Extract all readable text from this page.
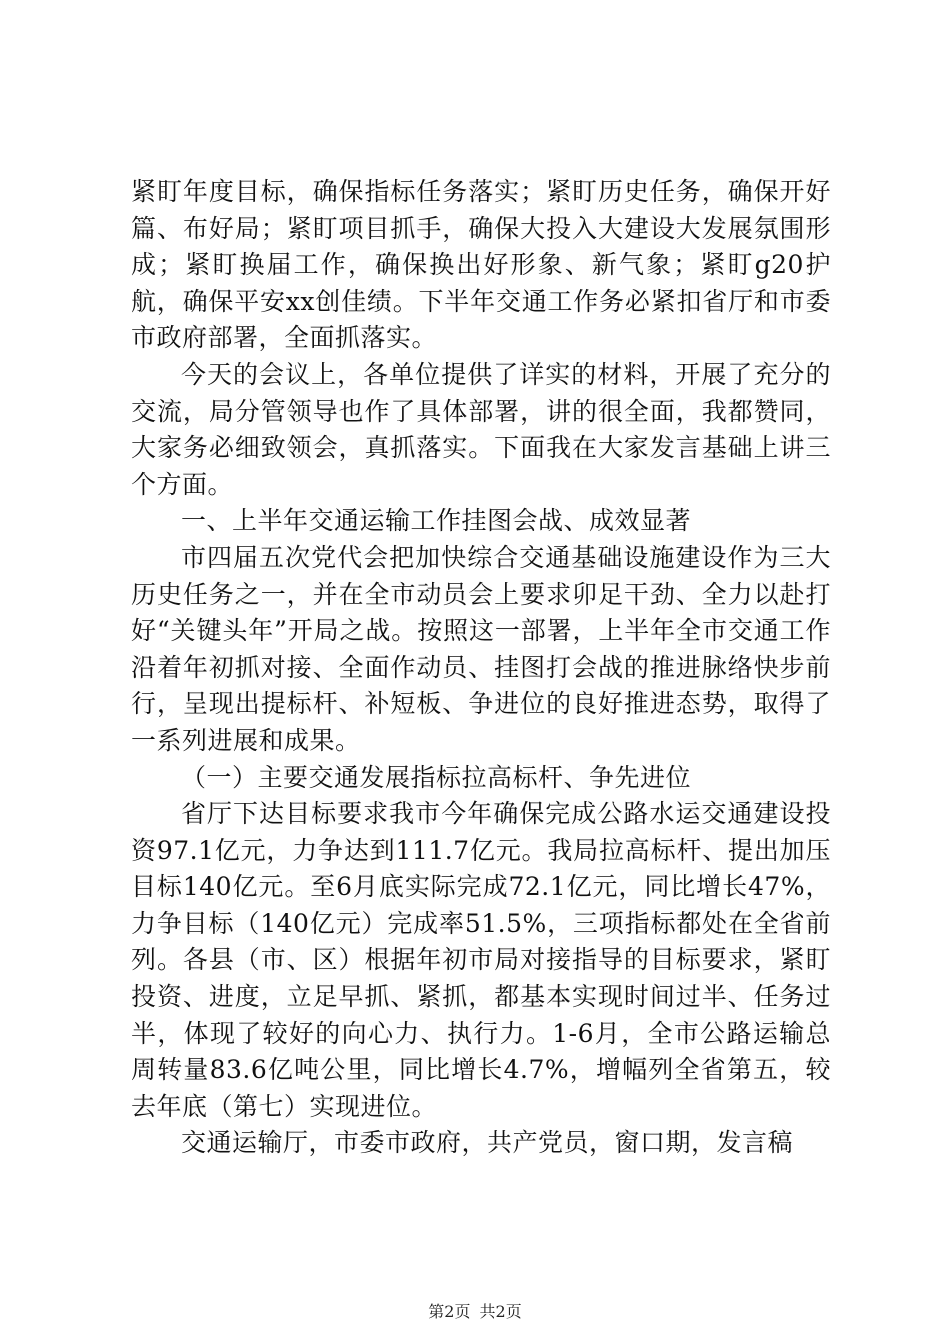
紧盯年度目标，确保指标任务落实；紧盯历史任务，确保开好篇、布好局；紧盯项目抓手，确保大投入大建设大发展氛围形成；紧盯换届工作，确保换出好形象、新气象；紧盯g20护航，确保平安xx创佳绩。下半年交通工作务必紧扣省厅和市委市政府部署，全面抓落实。

今天的会议上，各单位提供了详实的材料，开展了充分的交流，局分管领导也作了具体部署，讲的很全面，我都赞同，大家务必细致领会，真抓落实。下面我在大家发言基础上讲三个方面。

一、上半年交通运输工作挂图会战、成效显著

市四届五次党代会把加快综合交通基础设施建设作为三大历史任务之一，并在全市动员会上要求卯足干劲、全力以赴打好“关键头年”开局之战。按照这一部署，上半年全市交通工作沿着年初抓对接、全面作动员、挂图打会战的推进脉络快步前行，呈现出提标杆、补短板、争进位的良好推进态势，取得了一系列进展和成果。

（一）主要交通发展指标拉高标杆、争先进位

省厅下达目标要求我市今年确保完成公路水运交通建设投资97.1亿元，力争达到111.7亿元。我局拉高标杆、提出加压目标140亿元。至6月底实际完成72.1亿元，同比增长47%，力争目标（140亿元）完成率51.5%，三项指标都处在全省前列。各县（市、区）根据年初市局对接指导的目标要求，紧盯投资、进度，立足早抓、紧抓，都基本实现时间过半、任务过半，体现了较好的向心力、执行力。1-6月，全市公路运输总周转量83.6亿吨公里，同比增长4.7%，增幅列全省第五，较去年底（第七）实现进位。

交通运输厅，市委市政府，共产党员，窗口期，发言稿

第2页 共2页
